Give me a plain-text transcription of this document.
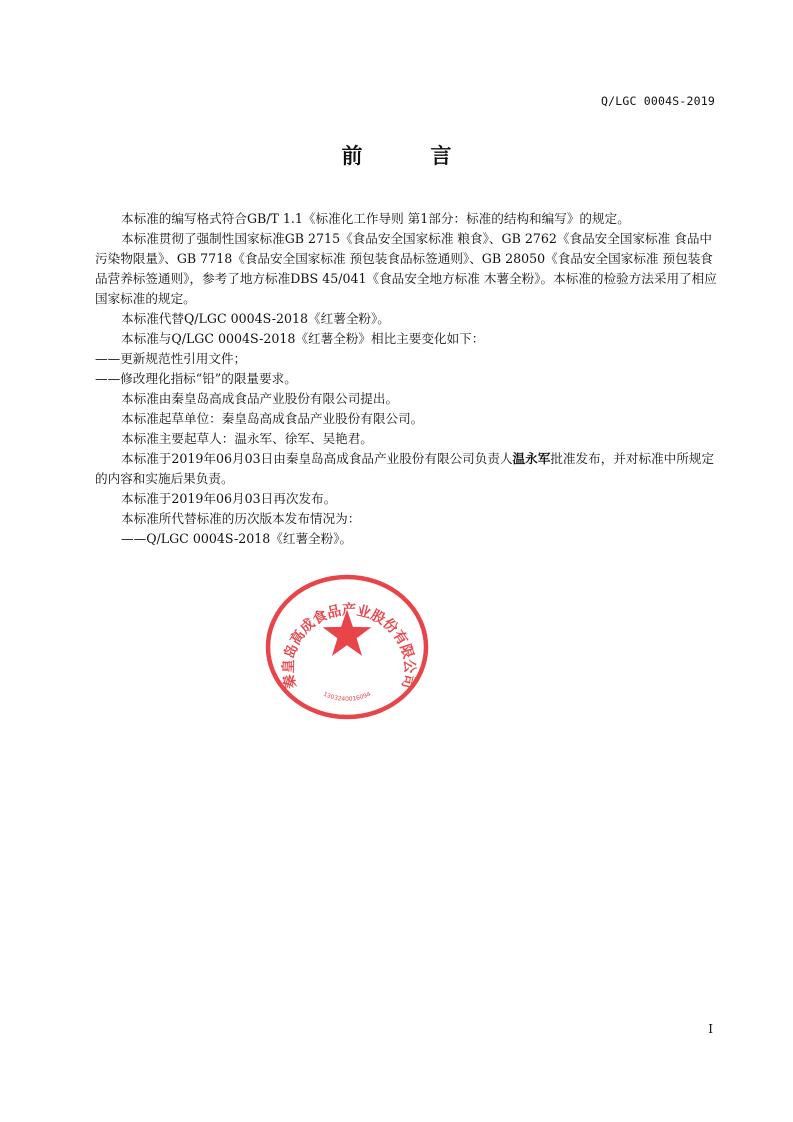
Q/LGC 0004S-2019
前	言

本标准的编写格式符合GB/T 1.1《标准化工作导则 第1部分：标准的结构和编写》的规定。

本标准贯彻了强制性国家标准GB 2715《食品安全国家标准 粮食》、GB 2762《食品安全国家标准 食品中污染物限量》、GB 7718《食品安全国家标准 预包装食品标签通则》、GB 28050《食品安全国家标准 预包装食品营养标签通则》，参考了地方标准DBS 45/041《食品安全地方标准 木薯全粉》。本标准的检验方法采用了相应国家标准的规定。

本标准代替Q/LGC 0004S-2018《红薯全粉》。

本标准与Q/LGC 0004S-2018《红薯全粉》相比主要变化如下：

——更新规范性引用文件；

——修改理化指标“铅”的限量要求。

本标准由秦皇岛高成食品产业股份有限公司提出。

本标准起草单位：秦皇岛高成食品产业股份有限公司。

本标准主要起草人：温永军、徐军、吴艳君。

本标准于2019年06月03日由秦皇岛高成食品产业股份有限公司负责人温永军批准发布，并对标准中所规定的内容和实施后果负责。

本标准于2019年06月03日再次发布。

本标准所代替标准的历次版本发布情况为：

——Q/LGC 0004S-2018《红薯全粉》。

秦皇岛高成食品产业股份有限公司
1303240016094
I
